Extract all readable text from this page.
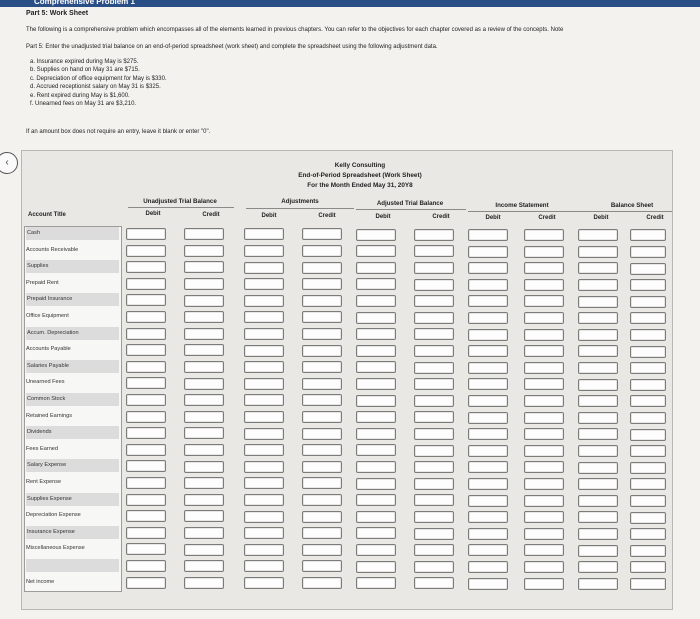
Comprehensive Problem 1
Part 5: Work Sheet
The following is a comprehensive problem which encompasses all of the elements learned in previous chapters. You can refer to the objectives for each chapter covered as a review of the concepts. Note
Part 5: Enter the unadjusted trial balance on an end-of-period spreadsheet (work sheet) and complete the spreadsheet using the following adjustment data.
a. Insurance expired during May is $275.
b. Supplies on hand on May 31 are $715.
c. Depreciation of office equipment for May is $330.
d. Accrued receptionist salary on May 31 is $325.
e. Rent expired during May is $1,600.
f. Unearned fees on May 31 are $3,210.
If an amount box does not require an entry, leave it blank or enter "0".
‹	Kelly Consulting
End-of-Period Spreadsheet (Work Sheet)
For the Month Ended May 31, 20Y8
Unadjusted Trial Balance	Adjustments	Adjusted Trial Balance	Income Statement	Balance Sheet
Account Title	Debit	Credit	Debit	Credit	Debit	Credit	Debit	Credit	Debit	Credit
Cash
Accounts Receivable
Supplies
Prepaid Rent
Prepaid Insurance
Office Equipment
Accum. Depreciation
Accounts Payable
Salaries Payable
Unearned Fees
Common Stock
Retained Earnings
Dividends
Fees Earned
Salary Expense
Rent Expense
Supplies Expense
Depreciation Expense
Insurance Expense
Miscellaneous Expense
Net income
